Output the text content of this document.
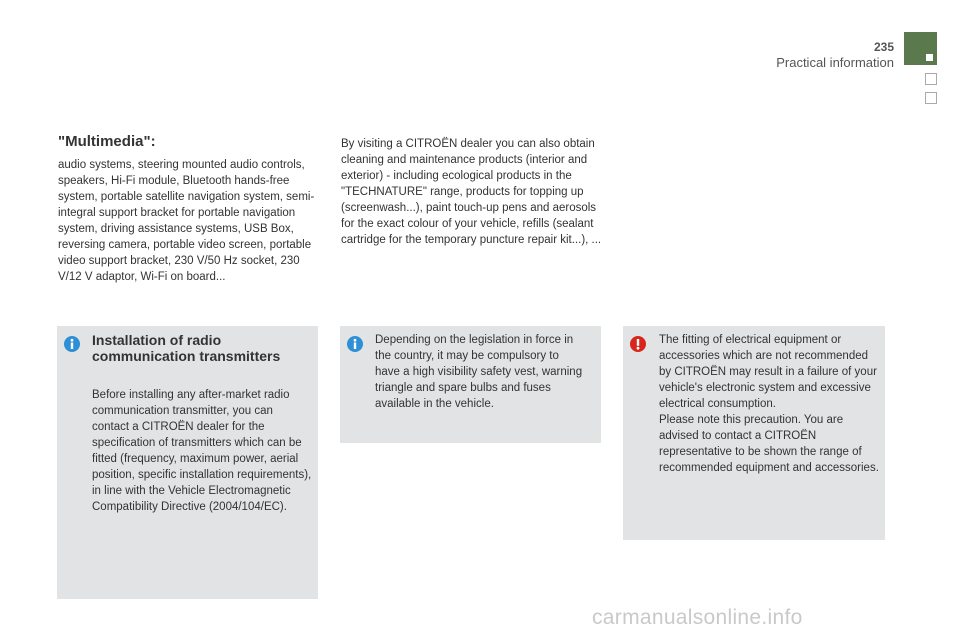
235
Practical information
"Multimedia":
audio systems, steering mounted audio controls, speakers, Hi-Fi module, Bluetooth hands-free system, portable satellite navigation system, semi-integral support bracket for portable navigation system, driving assistance systems, USB Box, reversing camera, portable video screen, portable video support bracket, 230 V/50 Hz socket, 230 V/12 V adaptor, Wi-Fi on board...
By visiting a CITROËN dealer you can also obtain cleaning and maintenance products (interior and exterior) - including ecological products in the "TECHNATURE" range, products for topping up (screenwash...), paint touch-up pens and aerosols for the exact colour of your vehicle, refills (sealant cartridge for the temporary puncture repair kit...), ...
Installation of radio communication transmitters
Before installing any after-market radio communication transmitter, you can contact a CITROËN dealer for the specification of transmitters which can be fitted (frequency, maximum power, aerial position, specific installation requirements), in line with the Vehicle Electromagnetic Compatibility Directive (2004/104/EC).
Depending on the legislation in force in the country, it may be compulsory to have a high visibility safety vest, warning triangle and spare bulbs and fuses available in the vehicle.
The fitting of electrical equipment or accessories which are not recommended by CITROËN may result in a failure of your vehicle's electronic system and excessive electrical consumption.
Please note this precaution. You are advised to contact a CITROËN representative to be shown the range of recommended equipment and accessories.
carmanualsonline.info
